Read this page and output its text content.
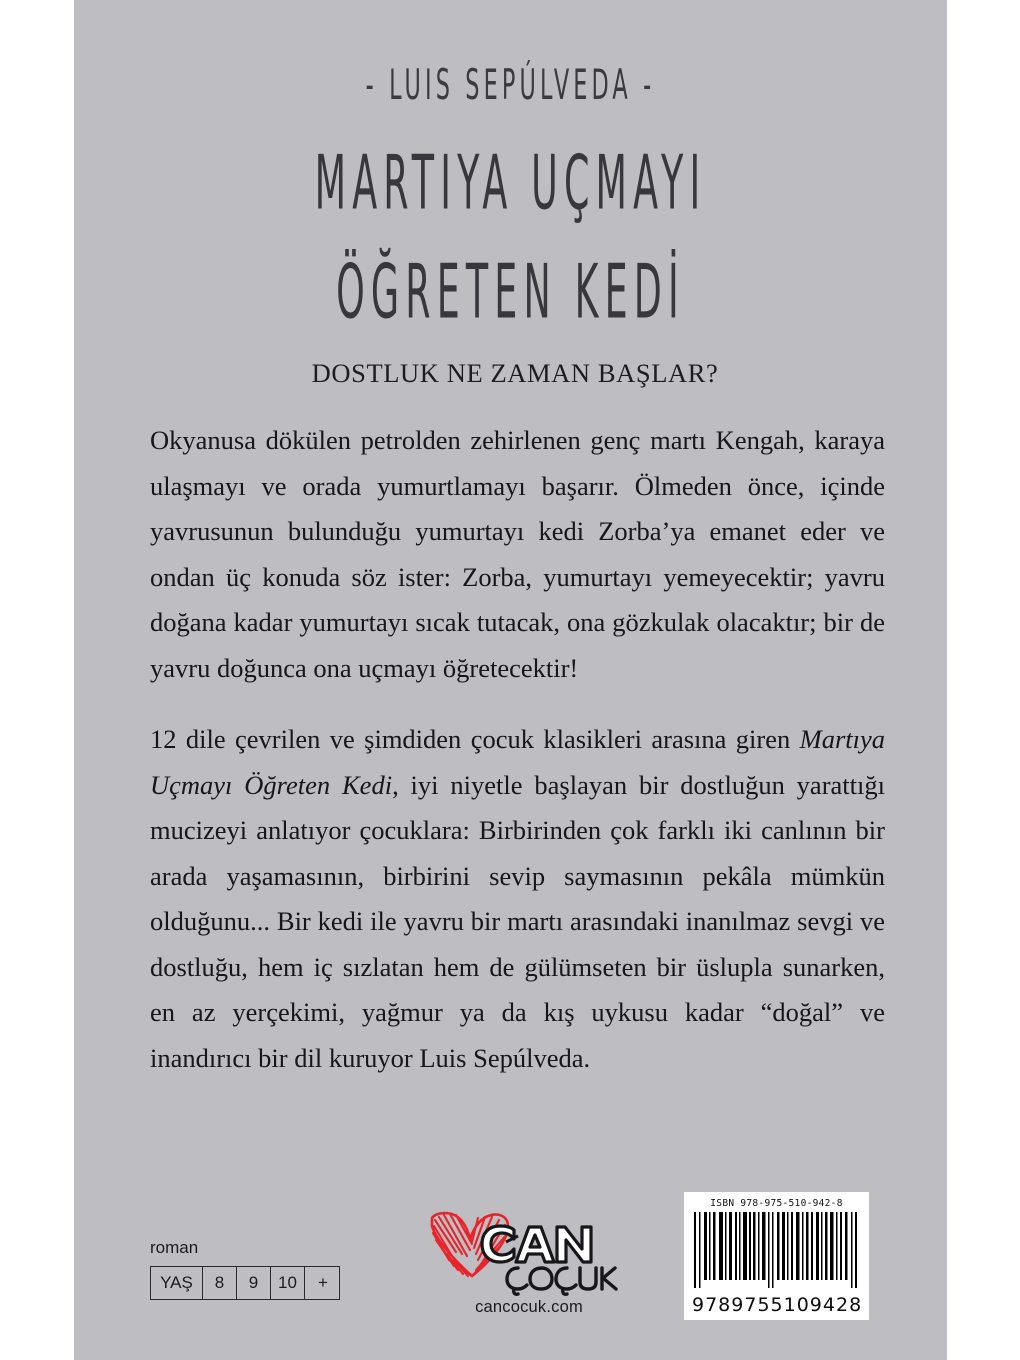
- LUIS SEPÚLVEDA -
MARTIYA UÇMAYI
ÖĞRETEN KEDİ
DOSTLUK NE ZAMAN BAŞLAR?

Okyanusa dökülen petrolden zehirlenen genç martı Kengah, karaya ulaşmayı ve orada yumurtlamayı başarır. Ölmeden önce, içinde yavrusunun bulunduğu yumurtayı kedi Zorba’ya emanet eder ve ondan üç konuda söz ister: Zorba, yumurtayı yemeyecektir; yavru doğana kadar yumurtayı sıcak tutacak, ona gözkulak olacaktır; bir de yavru doğunca ona uçmayı öğretecektir!

12 dile çevrilen ve şimdiden çocuk klasikleri arasına giren Martıya Uçmayı Öğreten Kedi, iyi niyetle başlayan bir dostluğun yarattığı mucizeyi anlatıyor çocuklara: Birbirinden çok farklı iki canlının bir arada yaşamasının, birbirini sevip saymasının pekâla mümkün olduğunu... Bir kedi ile yavru bir martı arasındaki inanılmaz sevgi ve dostluğu, hem iç sızlatan hem de gülümseten bir üslupla sunarken, en az yerçekimi, yağmur ya da kış uykusu kadar “doğal” ve inandırıcı bir dil kuruyor Luis Sepúlveda.

roman
YAŞ	8	9	10	+
cancocuk.com
ISBN 978-975-510-942-8
9 789755 109428
